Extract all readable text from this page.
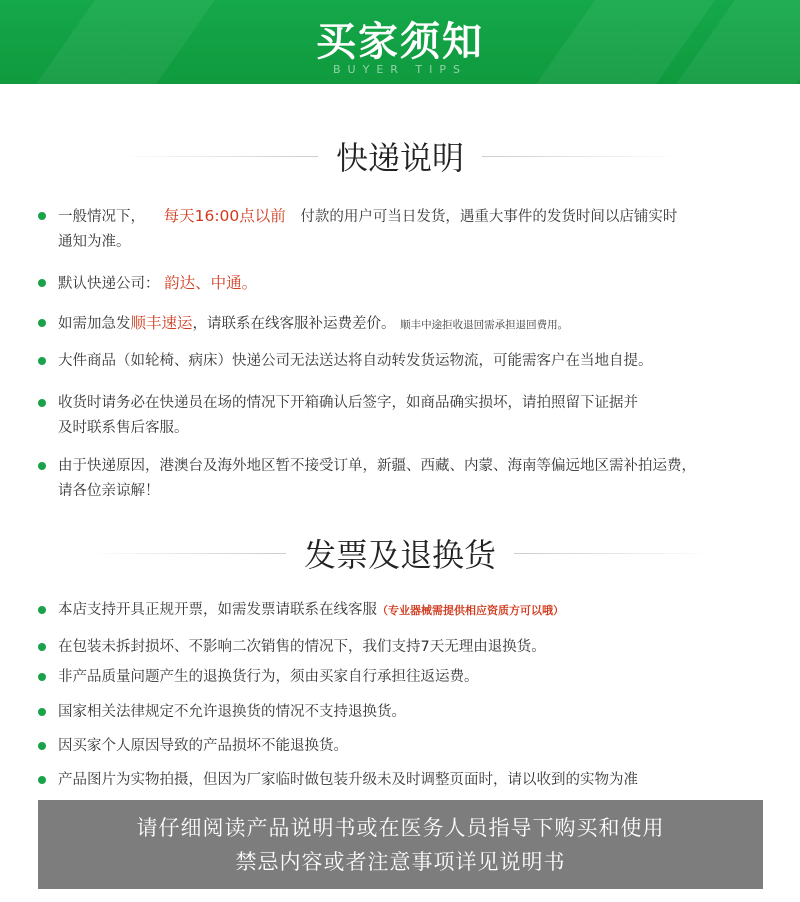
买家须知
BUYER TIPS
快递说明
一般情况下， 每天16:00点以前 付款的用户可当日发货，遇重大事件的发货时间以店铺实时
通知为准。
默认快递公司： 韵达、中通。
如需加急发顺丰速运，请联系在线客服补运费差价。 顺丰中途拒收退回需承担退回费用。
大件商品（如轮椅、病床）快递公司无法送达将自动转发货运物流，可能需客户在当地自提。
收货时请务必在快递员在场的情况下开箱确认后签字，如商品确实损坏，请拍照留下证据并
及时联系售后客服。
由于快递原因，港澳台及海外地区暂不接受订单，新疆、西藏、内蒙、海南等偏远地区需补拍运费，
请各位亲谅解！
发票及退换货
本店支持开具正规开票，如需发票请联系在线客服（专业器械需提供相应资质方可以哦）
在包装未拆封损坏、不影响二次销售的情况下，我们支持7天无理由退换货。
非产品质量问题产生的退换货行为，须由买家自行承担往返运费。
国家相关法律规定不允许退换货的情况不支持退换货。
因买家个人原因导致的产品损坏不能退换货。
产品图片为实物拍摄，但因为厂家临时做包装升级未及时调整页面时，请以收到的实物为准
请仔细阅读产品说明书或在医务人员指导下购买和使用
禁忌内容或者注意事项详见说明书
